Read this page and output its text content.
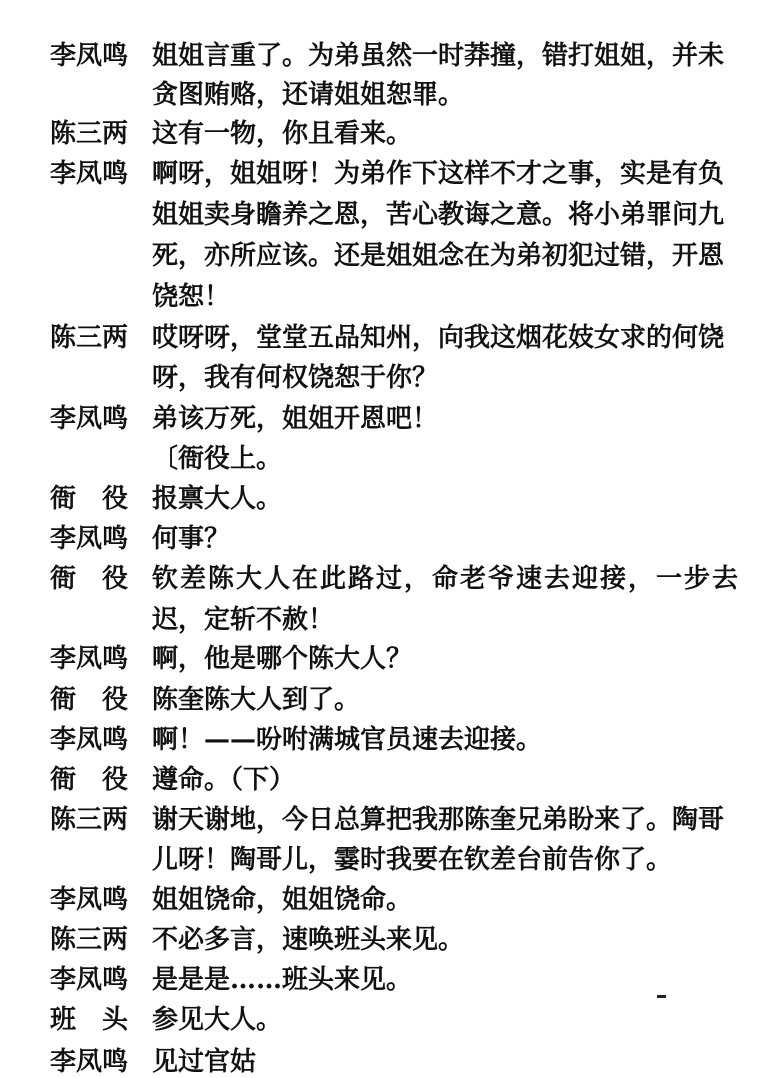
李凤鸣 姐姐言重了。为弟虽然一时莽撞，错打姐姐，并未
贪图贿赂，还请姐姐恕罪。
陈三两 这有一物，你且看来。
李凤鸣 啊呀，姐姐呀！为弟作下这样不才之事，实是有负
姐姐卖身瞻养之恩，苦心教诲之意。将小弟罪问九
死，亦所应该。还是姐姐念在为弟初犯过错，开恩
饶恕！
陈三两 哎呀呀，堂堂五品知州，向我这烟花妓女求的何饶
呀，我有何权饶恕于你？
李凤鸣 弟该万死，姐姐开恩吧！
〔衙役上。
衙　役 报禀大人。
李凤鸣 何事？
衙　役 钦差陈大人在此路过，命老爷速去迎接，一步去
迟，定斩不赦！
李凤鸣 啊，他是哪个陈大人？
衙　役 陈奎陈大人到了。
李凤鸣 啊！——吩咐满城官员速去迎接。
衙　役 遵命。（下）
陈三两 谢天谢地，今日总算把我那陈奎兄弟盼来了。陶哥
儿呀！陶哥儿，霎时我要在钦差台前告你了。
李凤鸣 姐姐饶命，姐姐饶命。
陈三两 不必多言，速唤班头来见。
李凤鸣 是是是……班头来见。
班　头 参见大人。
李凤鸣 见过官姑
